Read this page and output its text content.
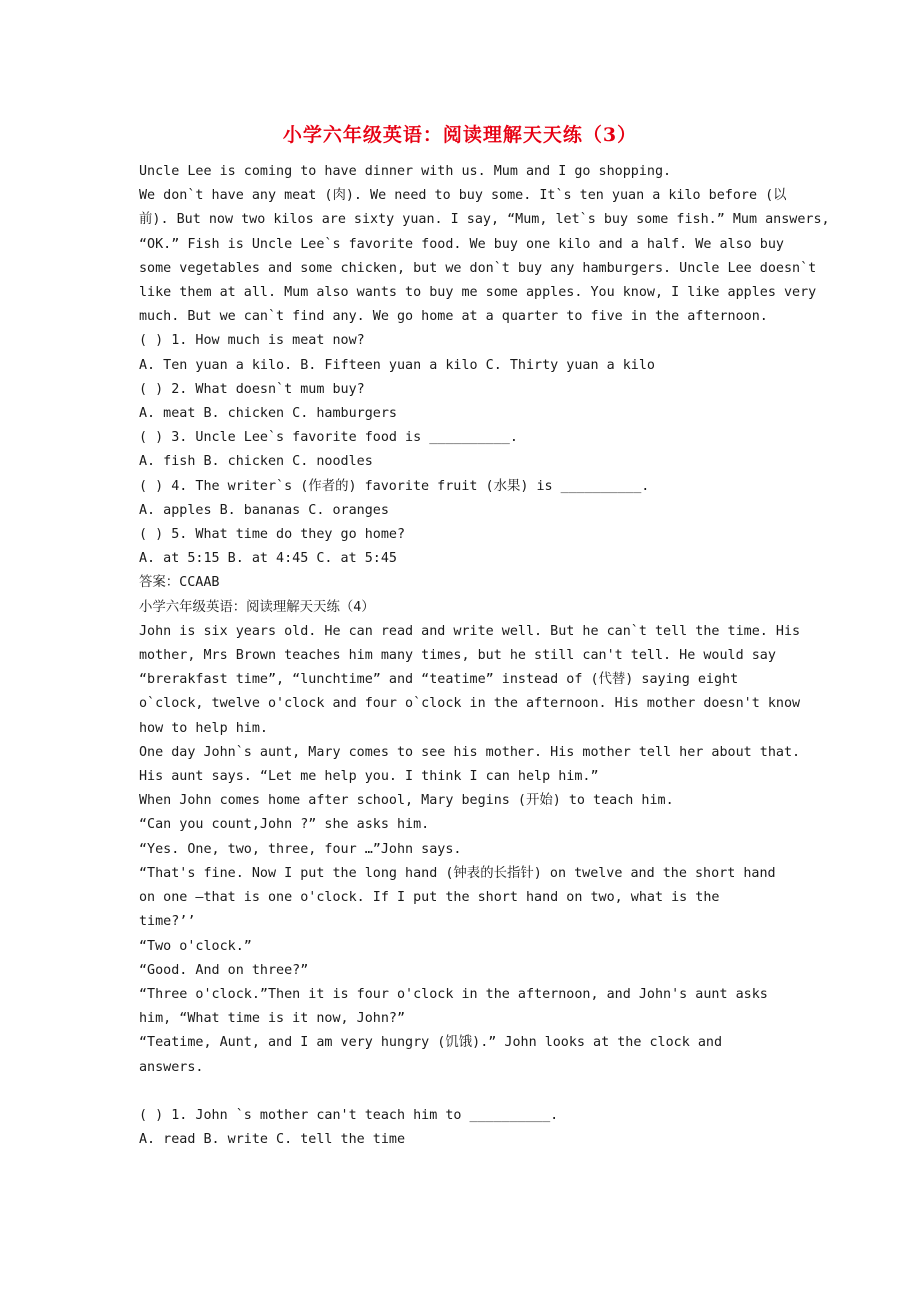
小学六年级英语：阅读理解天天练（3）
Uncle Lee is coming to have dinner with us. Mum and I go shopping.
We don`t have any meat (肉). We need to buy some. It`s ten yuan a kilo before (以
前). But now two kilos are sixty yuan. I say, “Mum, let`s buy some fish.” Mum answers,
“OK.” Fish is Uncle Lee`s favorite food. We buy one kilo and a half. We also buy
some vegetables and some chicken, but we don`t buy any hamburgers. Uncle Lee doesn`t
like them at all. Mum also wants to buy me some apples. You know, I like apples very
much. But we can`t find any. We go home at a quarter to five in the afternoon.
( ) 1. How much is meat now?
A. Ten yuan a kilo. B. Fifteen yuan a kilo C. Thirty yuan a kilo
( ) 2. What doesn`t mum buy?
A. meat B. chicken C. hamburgers
( ) 3. Uncle Lee`s favorite food is __________.
A. fish B. chicken C. noodles
( ) 4. The writer`s (作者的) favorite fruit (水果) is __________.
A. apples B. bananas C. oranges
( ) 5. What time do they go home?
A. at 5:15 B. at 4:45 C. at 5:45
答案：CCAAB
小学六年级英语：阅读理解天天练（4）
John is six years old. He can read and write well. But he can`t tell the time. His
mother, Mrs Brown teaches him many times, but he still can't tell. He would say
“brerakfast time”, “lunchtime” and “teatime” instead of (代替) saying eight
o`clock, twelve o'clock and four o`clock in the afternoon. His mother doesn't know
how to help him.
One day John`s aunt, Mary comes to see his mother. His mother tell her about that.
His aunt says. “Let me help you. I think I can help him.”
When John comes home after school, Mary begins (开始) to teach him.
“Can you count,John ?” she asks him.
“Yes. One, two, three, four …”John says.
“That's fine. Now I put the long hand (钟表的长指针) on twelve and the short hand
on one —that is one o'clock. If I put the short hand on two, what is the
time?’’
“Two o'clock.”
“Good. And on three?”
“Three o'clock.”Then it is four o'clock in the afternoon, and John's aunt asks
him, “What time is it now, John?”
“Teatime, Aunt, and I am very hungry (饥饿).” John looks at the clock and
answers.
( ) 1. John `s mother can't teach him to __________.
A. read B. write C. tell the time
